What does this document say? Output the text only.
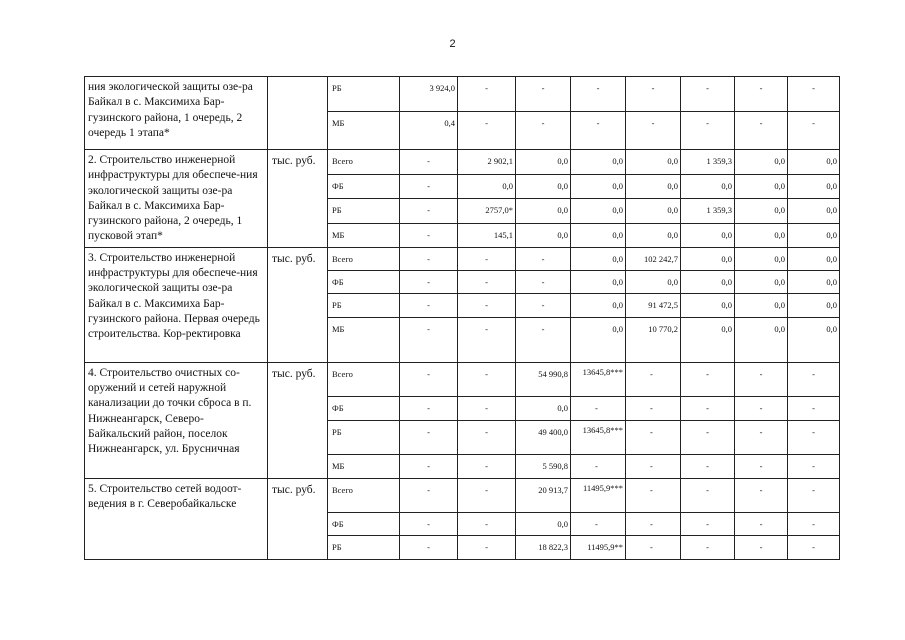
2
ния экологической защиты озе-ра Байкал в с. Максимиха Бар-гузинского района, 1 очередь, 2 очередь 1 этапа*		РБ	3 924,0	-	-	-	-	-	-	-
		МБ	0,4	-	-	-	-	-	-	-
2. Строительство инженерной инфраструктуры для обеспече-ния экологической защиты озе-ра Байкал в с. Максимиха Бар-гузинского района, 2 очередь, 1 пусковой этап*	тыс. руб.	Всего	-	2 902,1	0,0	0,0	0,0	1 359,3	0,0	0,0
		ФБ	-	0,0	0,0	0,0	0,0	0,0	0,0	0,0
		РБ	-	2757,0*	0,0	0,0	0,0	1 359,3	0,0	0,0
		МБ	-	145,1	0,0	0,0	0,0	0,0	0,0	0,0
3. Строительство инженерной инфраструктуры для обеспече-ния экологической защиты озе-ра Байкал в с. Максимиха Бар-гузинского района. Первая очередь строительства. Кор-ректировка	тыс. руб.	Всего	-	-	-	0,0	102 242,7	0,0	0,0	0,0
		ФБ	-	-	-	0,0	0,0	0,0	0,0	0,0
		РБ	-	-	-	0,0	91 472,5	0,0	0,0	0,0
		МБ	-	-	-	0,0	10 770,2	0,0	0,0	0,0
4. Строительство очистных со-оружений и сетей наружной канализации до точки сброса в п. Нижнеангарск, Северо-Байкальский район, поселок Нижнеангарск, ул. Брусничная	тыс. руб.	Всего	-	-	54 990,8	13645,8***	-	-	-	-
		ФБ	-	-	0,0	-	-	-	-	-
		РБ	-	-	49 400,0	13645,8***	-	-	-	-
		МБ	-	-	5 590,8	-	-	-	-	-
5. Строительство сетей водоот-ведения в г. Северобайкальске	тыс. руб.	Всего	-	-	20 913,7	11495,9***	-	-	-	-
		ФБ	-	-	0,0	-	-	-	-	-
		РБ	-	-	18 822,3	11495,9**	-	-	-	-
